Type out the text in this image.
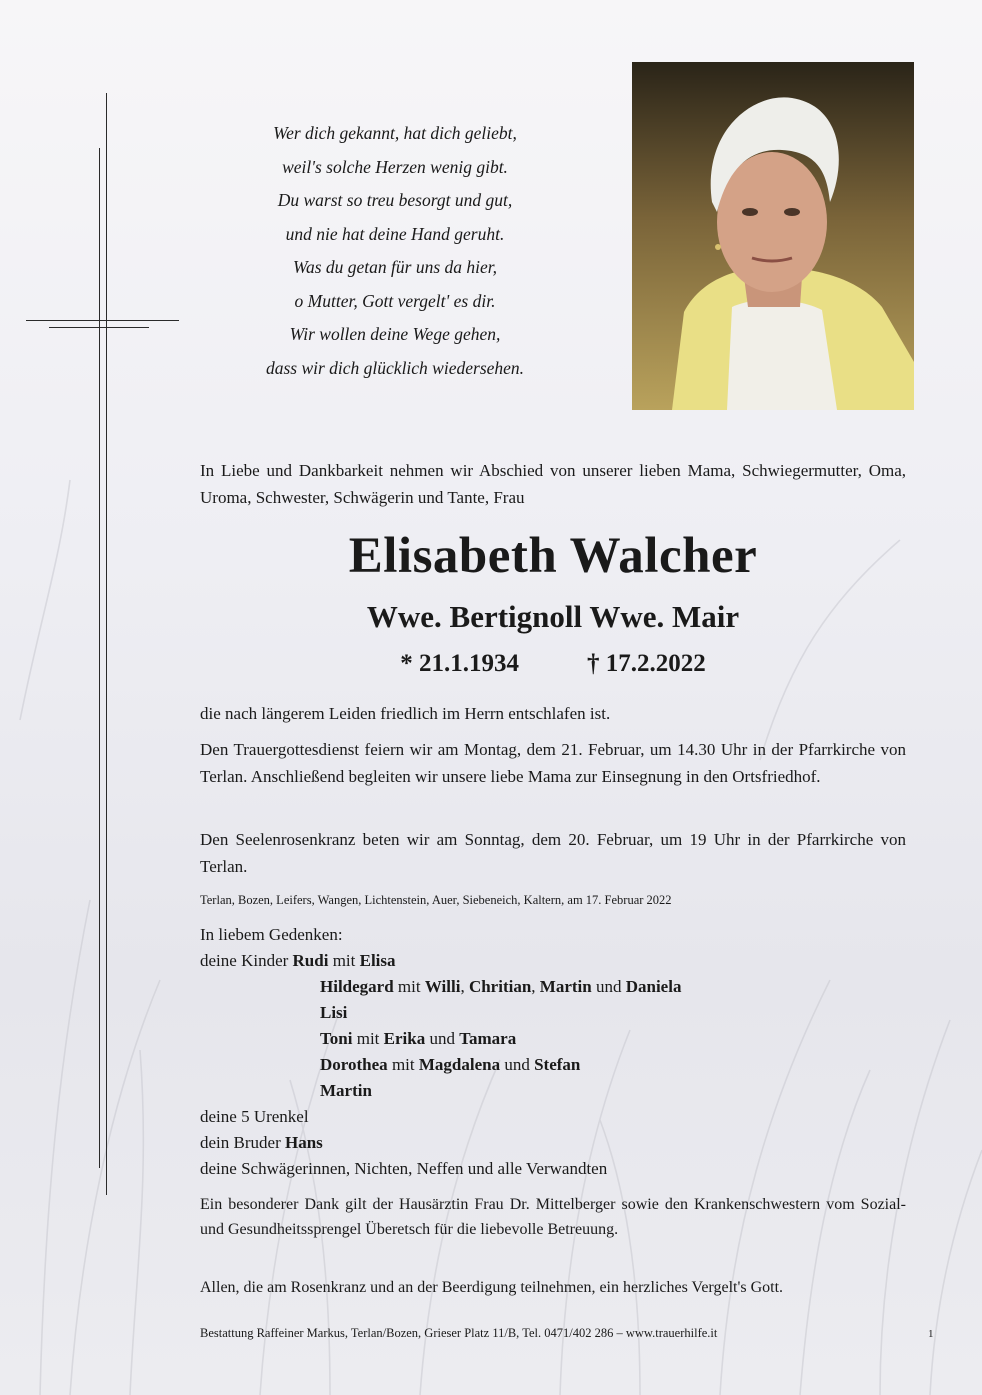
Wer dich gekannt, hat dich geliebt,
weil's solche Herzen wenig gibt.
Du warst so treu besorgt und gut,
und nie hat deine Hand geruht.
Was du getan für uns da hier,
o Mutter, Gott vergelt' es dir.
Wir wollen deine Wege gehen,
dass wir dich glücklich wiedersehen.
In Liebe und Dankbarkeit nehmen wir Abschied von unserer lieben Mama, Schwiegermutter, Oma, Uroma, Schwester, Schwägerin und Tante, Frau
Elisabeth Walcher
Wwe. Bertignoll Wwe. Mair
* 21.1.1934	† 17.2.2022
die nach längerem Leiden friedlich im Herrn entschlafen ist.
Den Trauergottesdienst feiern wir am Montag, dem 21. Februar, um 14.30 Uhr in der Pfarrkirche von Terlan. Anschließend begleiten wir unsere liebe Mama zur Einsegnung in den Ortsfriedhof.
Den Seelenrosenkranz beten wir am Sonntag, dem 20. Februar, um 19 Uhr in der Pfarrkirche von Terlan.
Terlan, Bozen, Leifers, Wangen, Lichtenstein, Auer, Siebeneich, Kaltern, am 17. Februar 2022
In liebem Gedenken:
deine Kinder Rudi mit Elisa
Hildegard mit Willi, Chritian, Martin und Daniela
Lisi
Toni mit Erika und Tamara
Dorothea mit Magdalena und Stefan
Martin
deine 5 Urenkel
dein Bruder Hans
deine Schwägerinnen, Nichten, Neffen und alle Verwandten
Ein besonderer Dank gilt der Hausärztin Frau Dr. Mittelberger sowie den Krankenschwestern vom Sozial- und Gesundheitssprengel Überetsch für die liebevolle Betreuung.
Allen, die am Rosenkranz und an der Beerdigung teilnehmen, ein herzliches Vergelt's Gott.
Bestattung Raffeiner Markus, Terlan/Bozen, Grieser Platz 11/B, Tel. 0471/402 286 – www.trauerhilfe.it	1
